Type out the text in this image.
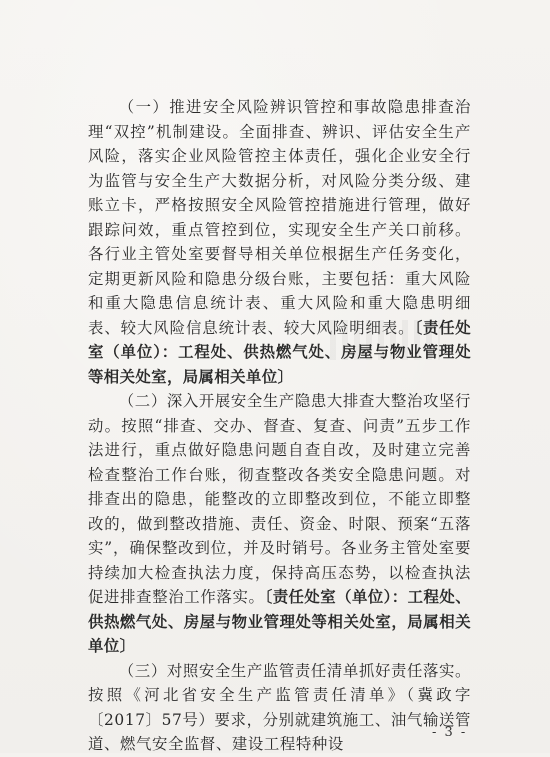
（一）推进安全风险辨识管控和事故隐患排查治理“双控”机制建设。全面排查、辨识、评估安全生产风险，落实企业风险管控主体责任，强化企业安全行为监管与安全生产大数据分析，对风险分类分级、建账立卡，严格按照安全风险管控措施进行管理，做好跟踪问效，重点管控到位，实现安全生产关口前移。各行业主管处室要督导相关单位根据生产任务变化，定期更新风险和隐患分级台账，主要包括：重大风险和重大隐患信息统计表、重大风险和重大隐患明细表、较大风险信息统计表、较大风险明细表。〔责任处室（单位）：工程处、供热燃气处、房屋与物业管理处等相关处室，局属相关单位〕

（二）深入开展安全生产隐患大排查大整治攻坚行动。按照“排查、交办、督查、复查、问责”五步工作法进行，重点做好隐患问题自查自改，及时建立完善检查整治工作台账，彻查整改各类安全隐患问题。对排查出的隐患，能整改的立即整改到位，不能立即整改的，做到整改措施、责任、资金、时限、预案“五落实”，确保整改到位，并及时销号。各业务主管处室要持续加大检查执法力度，保持高压态势，以检查执法促进排查整治工作落实。〔责任处室（单位）：工程处、供热燃气处、房屋与物业管理处等相关处室，局属相关单位〕

（三）对照安全生产监管责任清单抓好责任落实。按照《河北省安全生产监管责任清单》（冀政字〔2017〕57号）要求，分别就建筑施工、油气输送管道、燃气安全监督、建设工程特种设

- 3 -
